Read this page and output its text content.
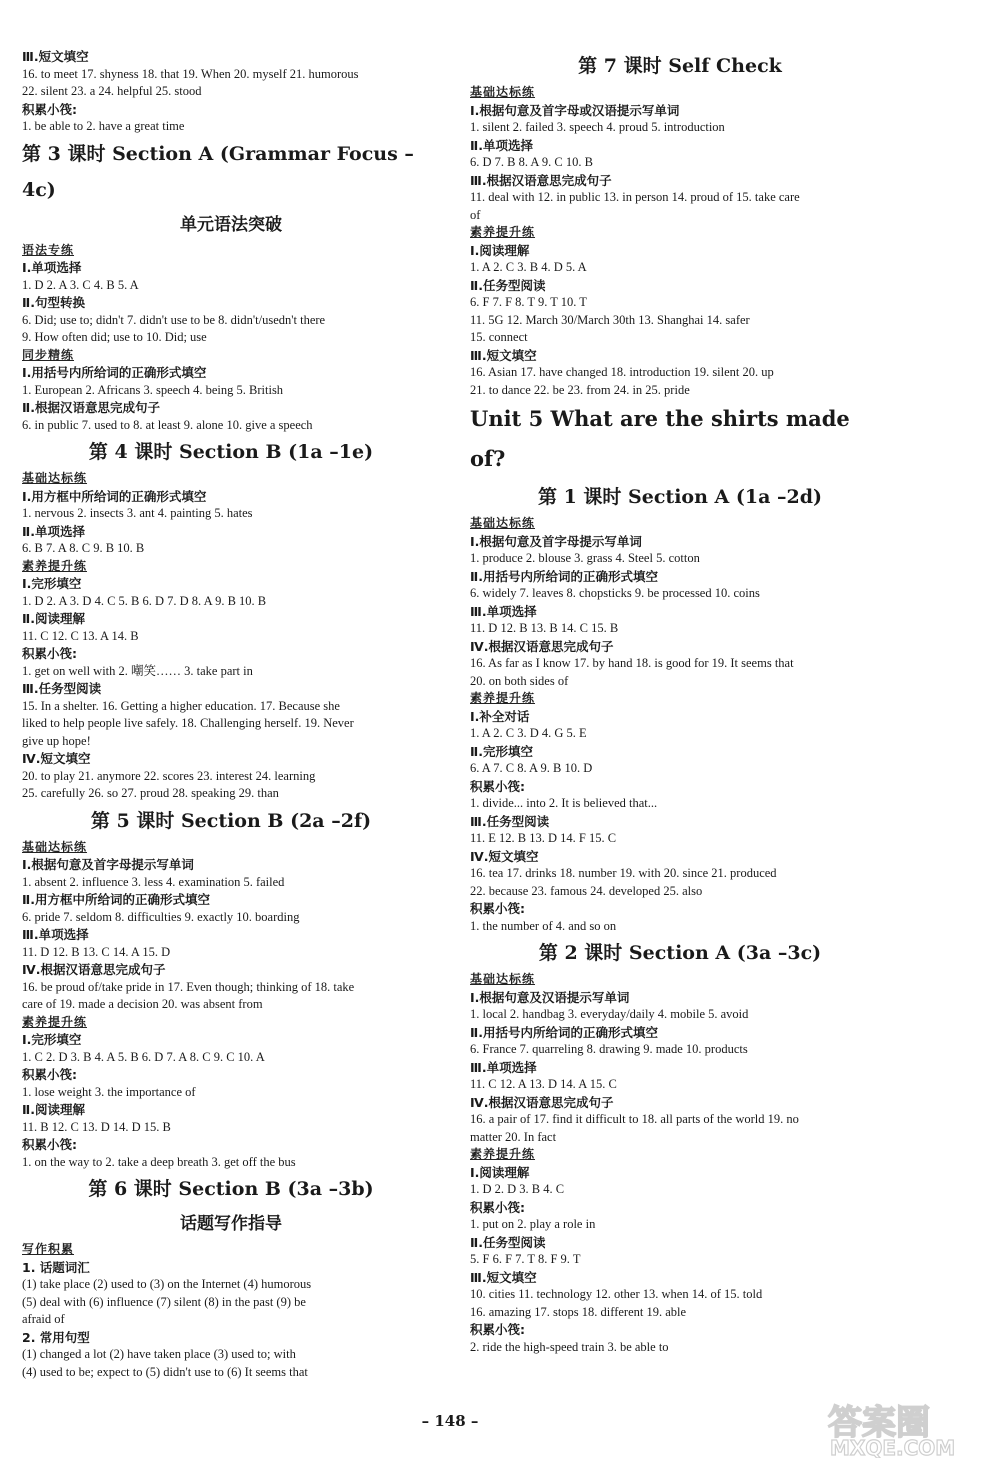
Ⅲ.短文填空
16. to meet 17. shyness 18. that 19. When 20. myself 21. humorous
22. silent 23. a 24. helpful 25. stood
积累小筏:
1. be able to 2. have a great time
第 3 课时 Section A (Grammar Focus –4c)
单元语法突破
语法专练
Ⅰ.单项选择
1. D 2. A 3. C 4. B 5. A
Ⅱ.句型转换
6. Did; use to; didn't 7. didn't use to be 8. didn't/usedn't there
9. How often did; use to 10. Did; use
同步精练
Ⅰ.用括号内所给词的正确形式填空
1. European 2. Africans 3. speech 4. being 5. British
Ⅱ.根据汉语意思完成句子
6. in public 7. used to 8. at least 9. alone 10. give a speech
第 4 课时 Section B (1a –1e)
基础达标练
Ⅰ.用方框中所给词的正确形式填空
1. nervous 2. insects 3. ant 4. painting 5. hates
Ⅱ.单项选择
6. B 7. A 8. C 9. B 10. B
素养提升练
Ⅰ.完形填空
1. D 2. A 3. D 4. C 5. B 6. D 7. D 8. A 9. B 10. B
Ⅱ.阅读理解
11. C 12. C 13. A 14. B
积累小筏:
1. get on well with 2. 嘲笑…… 3. take part in
Ⅲ.任务型阅读
15. In a shelter. 16. Getting a higher education. 17. Because she
liked to help people live safely. 18. Challenging herself. 19. Never
give up hope!
Ⅳ.短文填空
20. to play 21. anymore 22. scores 23. interest 24. learning
25. carefully 26. so 27. proud 28. speaking 29. than
第 5 课时 Section B (2a –2f)
基础达标练
Ⅰ.根据句意及首字母提示写单词
1. absent 2. influence 3. less 4. examination 5. failed
Ⅱ.用方框中所给词的正确形式填空
6. pride 7. seldom 8. difficulties 9. exactly 10. boarding
Ⅲ.单项选择
11. D 12. B 13. C 14. A 15. D
Ⅳ.根据汉语意思完成句子
16. be proud of/take pride in 17. Even though; thinking of 18. take
care of 19. made a decision 20. was absent from
素养提升练
Ⅰ.完形填空
1. C 2. D 3. B 4. A 5. B 6. D 7. A 8. C 9. C 10. A
积累小筏:
1. lose weight 3. the importance of
Ⅱ.阅读理解
11. B 12. C 13. D 14. D 15. B
积累小筏:
1. on the way to 2. take a deep breath 3. get off the bus
第 6 课时 Section B (3a –3b)
话题写作指导
写作积累
1. 话题词汇
(1) take place (2) used to (3) on the Internet (4) humorous
(5) deal with (6) influence (7) silent (8) in the past (9) be
afraid of
2. 常用句型
(1) changed a lot (2) have taken place (3) used to; with
(4) used to be; expect to (5) didn't use to (6) It seems that
第 7 课时 Self Check
基础达标练
Ⅰ.根据句意及首字母或汉语提示写单词
1. silent 2. failed 3. speech 4. proud 5. introduction
Ⅱ.单项选择
6. D 7. B 8. A 9. C 10. B
Ⅲ.根据汉语意思完成句子
11. deal with 12. in public 13. in person 14. proud of 15. take care
of
素养提升练
Ⅰ.阅读理解
1. A 2. C 3. B 4. D 5. A
Ⅱ.任务型阅读
6. F 7. F 8. T 9. T 10. T
11. 5G 12. March 30/March 30th 13. Shanghai 14. safer
15. connect
Ⅲ.短文填空
16. Asian 17. have changed 18. introduction 19. silent 20. up
21. to dance 22. be 23. from 24. in 25. pride
Unit 5 What are the shirts made of?
第 1 课时 Section A (1a –2d)
基础达标练
Ⅰ.根据句意及首字母提示写单词
1. produce 2. blouse 3. grass 4. Steel 5. cotton
Ⅱ.用括号内所给词的正确形式填空
6. widely 7. leaves 8. chopsticks 9. be processed 10. coins
Ⅲ.单项选择
11. D 12. B 13. B 14. C 15. B
Ⅳ.根据汉语意思完成句子
16. As far as I know 17. by hand 18. is good for 19. It seems that
20. on both sides of
素养提升练
Ⅰ.补全对话
1. A 2. C 3. D 4. G 5. E
Ⅱ.完形填空
6. A 7. C 8. A 9. B 10. D
积累小筏:
1. divide... into 2. It is believed that...
Ⅲ.任务型阅读
11. E 12. B 13. D 14. F 15. C
Ⅳ.短文填空
16. tea 17. drinks 18. number 19. with 20. since 21. produced
22. because 23. famous 24. developed 25. also
积累小筏:
1. the number of 4. and so on
第 2 课时 Section A (3a –3c)
基础达标练
Ⅰ.根据句意及汉语提示写单词
1. local 2. handbag 3. everyday/daily 4. mobile 5. avoid
Ⅱ.用括号内所给词的正确形式填空
6. France 7. quarreling 8. drawing 9. made 10. products
Ⅲ.单项选择
11. C 12. A 13. D 14. A 15. C
Ⅳ.根据汉语意思完成句子
16. a pair of 17. find it difficult to 18. all parts of the world 19. no
matter 20. In fact
素养提升练
Ⅰ.阅读理解
1. D 2. D 3. B 4. C
积累小筏:
1. put on 2. play a role in
Ⅱ.任务型阅读
5. F 6. F 7. T 8. F 9. T
Ⅲ.短文填空
10. cities 11. technology 12. other 13. when 14. of 15. told
16. amazing 17. stops 18. different 19. able
积累小筏:
2. ride the high-speed train 3. be able to
– 148 –	答案圈
MXQE.COM
